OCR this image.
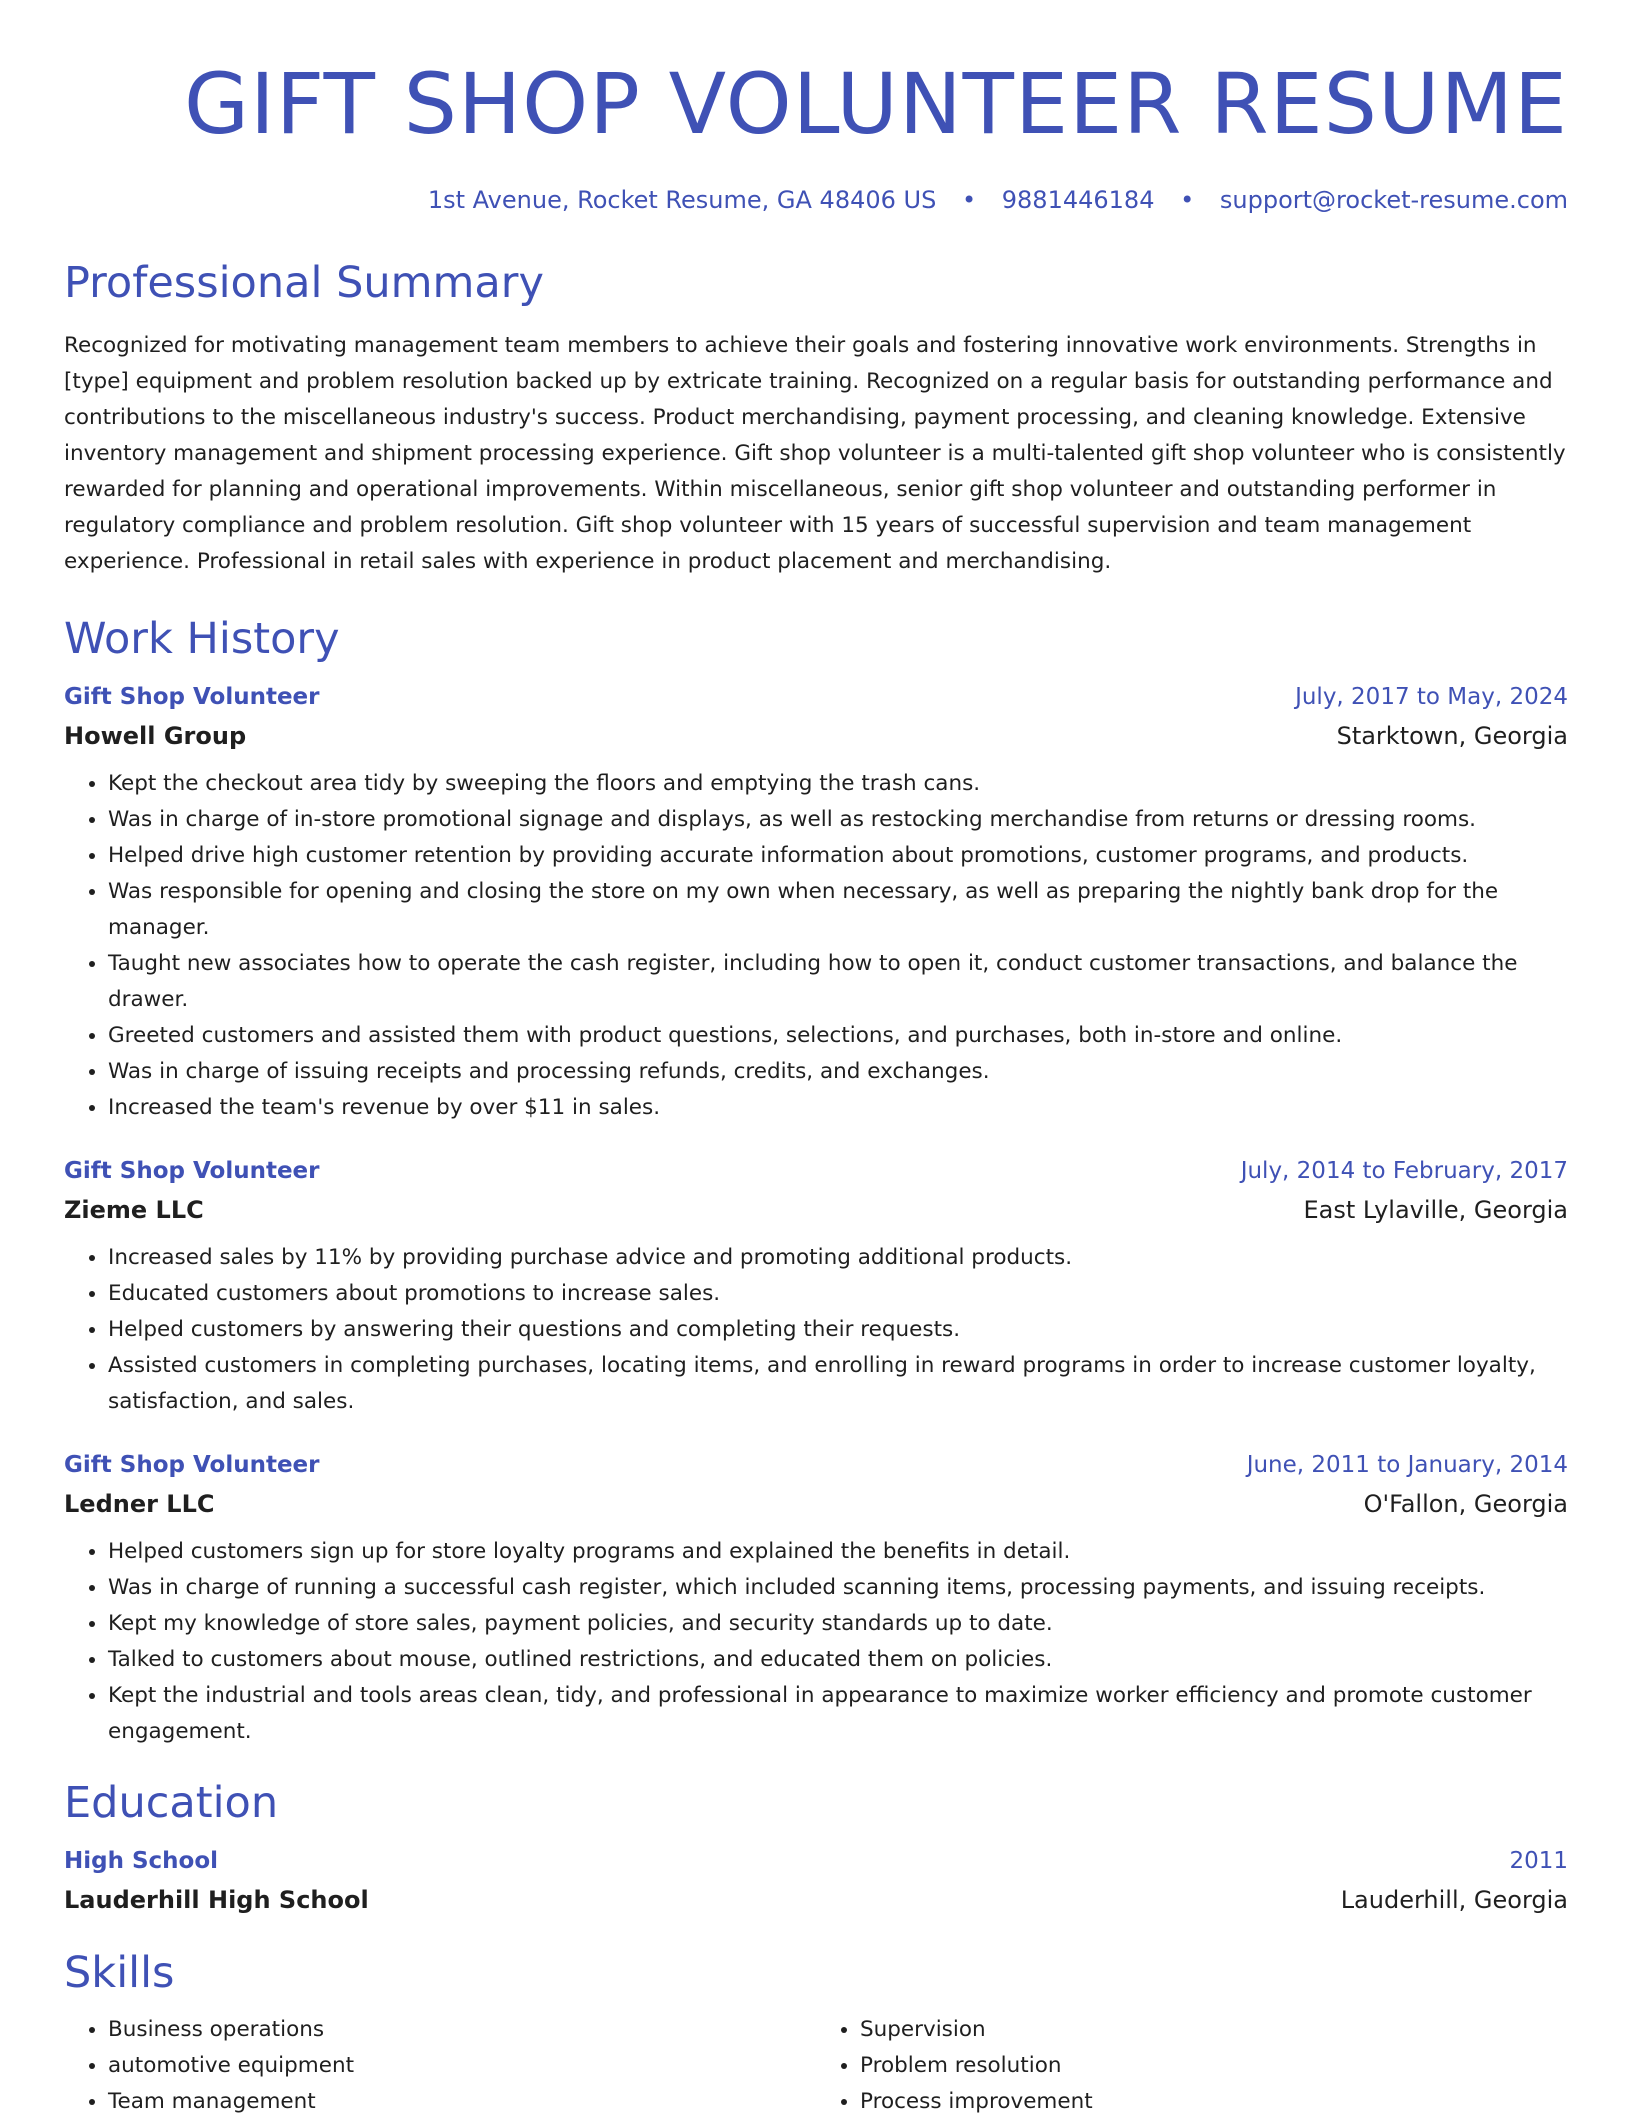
GIFT SHOP VOLUNTEER RESUME
1st Avenue, Rocket Resume, GA 48406 US • 9881446184 • support@rocket-resume.com
Professional Summary

Recognized for motivating management team members to achieve their goals and fostering innovative work environments. Strengths in [type] equipment and problem resolution backed up by extricate training. Recognized on a regular basis for outstanding performance and contributions to the miscellaneous industry's success. Product merchandising, payment processing, and cleaning knowledge. Extensive inventory management and shipment processing experience. Gift shop volunteer is a multi-talented gift shop volunteer who is consistently rewarded for planning and operational improvements. Within miscellaneous, senior gift shop volunteer and outstanding performer in regulatory compliance and problem resolution. Gift shop volunteer with 15 years of successful supervision and team management experience. Professional in retail sales with experience in product placement and merchandising.

Work History
Gift Shop Volunteer	July, 2017 to May, 2024
Howell Group	Starktown, Georgia
• Kept the checkout area tidy by sweeping the floors and emptying the trash cans.
• Was in charge of in-store promotional signage and displays, as well as restocking merchandise from returns or dressing rooms.
• Helped drive high customer retention by providing accurate information about promotions, customer programs, and products.
• Was responsible for opening and closing the store on my own when necessary, as well as preparing the nightly bank drop for the manager.
• Taught new associates how to operate the cash register, including how to open it, conduct customer transactions, and balance the drawer.
• Greeted customers and assisted them with product questions, selections, and purchases, both in-store and online.
• Was in charge of issuing receipts and processing refunds, credits, and exchanges.
• Increased the team's revenue by over $11 in sales.
Gift Shop Volunteer	July, 2014 to February, 2017
Zieme LLC	East Lylaville, Georgia
• Increased sales by 11% by providing purchase advice and promoting additional products.
• Educated customers about promotions to increase sales.
• Helped customers by answering their questions and completing their requests.
• Assisted customers in completing purchases, locating items, and enrolling in reward programs in order to increase customer loyalty, satisfaction, and sales.
Gift Shop Volunteer	June, 2011 to January, 2014
Ledner LLC	O'Fallon, Georgia
• Helped customers sign up for store loyalty programs and explained the benefits in detail.
• Was in charge of running a successful cash register, which included scanning items, processing payments, and issuing receipts.
• Kept my knowledge of store sales, payment policies, and security standards up to date.
• Talked to customers about mouse, outlined restrictions, and educated them on policies.
• Kept the industrial and tools areas clean, tidy, and professional in appearance to maximize worker efficiency and promote customer engagement.
Education
High School	2011
Lauderhill High School	Lauderhill, Georgia
Skills
• Business operations
• automotive equipment
• Team management
• Supervision
• Problem resolution
• Process improvement
